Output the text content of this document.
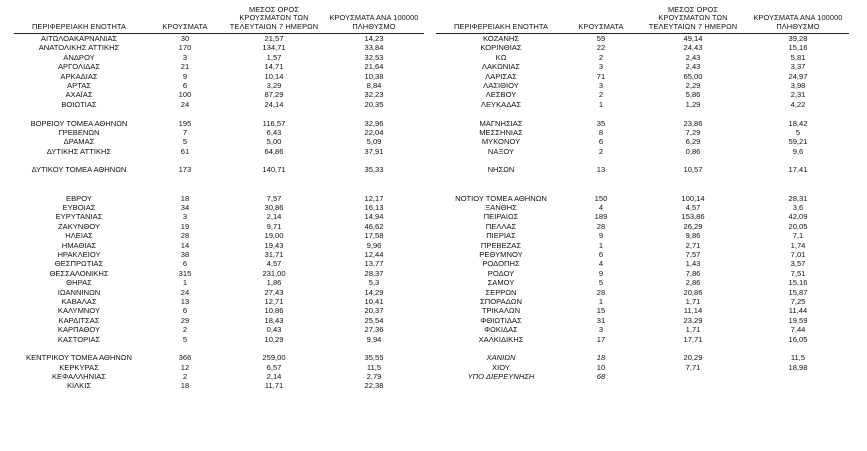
ΠΕΡΙΦΕΡΕΙΑΚΗ ΕΝΟΤΗΤΑ	ΚΡΟΥΣΜΑΤΑ
ΜΕΣΟΣ ΟΡΟΣ
ΚΡΟΥΣΜΑΤΩΝ ΤΩΝ
ΤΕΛΕΥΤΑΙΩΝ 7 ΗΜΕΡΩΝ
ΚΡΟΥΣΜΑΤΑ ΑΝΑ 100000
ΠΛΗΘΥΣΜΟ
ΑΙΤΩΛΟΑΚΑΡΝΑΝΙΑΣ	30	21,57	14,23
ΑΝΑΤΟΛΙΚΗΣ ΑΤΤΙΚΗΣ	170	134,71	33,84
ΑΝΔΡΟΥ	3	1,57	32,53
ΑΡΓΟΛΙΔΑΣ	21	14,71	21,64
ΑΡΚΑΔΙΑΣ	9	10,14	10,38
ΑΡΤΑΣ	6	3,29	8,84
ΑΧΑΪΑΣ	100	87,29	32,23
ΒΟΙΩΤΙΑΣ	24	24,14	20,35
ΒΟΡΕΙΟΥ ΤΟΜΕΑ ΑΘΗΝΩΝ	195	116,57	32,96
ΓΡΕΒΕΝΩΝ	7	6,43	22,04
ΔΡΑΜΑΣ	5	5,00	5,09
ΔΥΤΙΚΗΣ ΑΤΤΙΚΗΣ	61	64,86	37,91
ΔΥΤΙΚΟΥ ΤΟΜΕΑ ΑΘΗΝΩΝ	173	140,71	35,33
ΕΒΡΟΥ	18	7,57	12,17
ΕΥΒΟΙΑΣ	34	30,86	16,13
ΕΥΡΥΤΑΝΙΑΣ	3	2,14	14,94
ΖΑΚΥΝΘΟΥ	19	9,71	46,62
ΗΛΕΙΑΣ	28	19,00	17,58
ΗΜΑΘΙΑΣ	14	19,43	9,96
ΗΡΑΚΛΕΙΟΥ	38	31,71	12,44
ΘΕΣΠΡΩΤΙΑΣ	6	4,57	13,77
ΘΕΣΣΑΛΟΝΙΚΗΣ	315	231,00	28,37
ΘΗΡΑΣ	1	1,86	5,3
ΙΩΑΝΝΙΝΩΝ	24	27,43	14,29
ΚΑΒΑΛΑΣ	13	12,71	10,41
ΚΑΛΥΜΝΟΥ	6	10,86	20,37
ΚΑΡΔΙΤΣΑΣ	29	18,43	25,54
ΚΑΡΠΑΘΟΥ	2	0,43	27,36
ΚΑΣΤΟΡΙΑΣ	5	10,29	9,94
ΚΕΝΤΡΙΚΟΥ ΤΟΜΕΑ ΑΘΗΝΩΝ	366	259,00	35,55
ΚΕΡΚΥΡΑΣ	12	6,57	11,5
ΚΕΦΑΛΛΗΝΙΑΣ	2	2,14	2,79
ΚΙΛΚΙΣ	18	11,71	22,38
ΠΕΡΙΦΕΡΕΙΑΚΗ ΕΝΟΤΗΤΑ	ΚΡΟΥΣΜΑΤΑ
ΜΕΣΟΣ ΟΡΟΣ
ΚΡΟΥΣΜΑΤΩΝ ΤΩΝ
ΤΕΛΕΥΤΑΙΩΝ 7 ΗΜΕΡΩΝ
ΚΡΟΥΣΜΑΤΑ ΑΝΑ 100000
ΠΛΗΘΥΣΜΟ
ΚΟΖΑΝΗΣ	59	49,14	39,28
ΚΟΡΙΝΘΙΑΣ	22	24,43	15,16
ΚΩ	2	2,43	5,81
ΛΑΚΩΝΙΑΣ	3	2,43	3,37
ΛΑΡΙΣΑΣ	71	65,00	24,97
ΛΑΣΙΘΙΟΥ	3	2,29	3,98
ΛΕΣΒΟΥ	2	5,86	2,31
ΛΕΥΚΑΔΑΣ	1	1,29	4,22
ΜΑΓΝΗΣΙΑΣ	35	23,86	18,42
ΜΕΣΣΗΝΙΑΣ	8	7,29	5
ΜΥΚΟΝΟΥ	6	6,29	59,21
ΝΑΞΟΥ	2	0,86	9,6
ΝΗΣΩΝ	13	10,57	17,41
ΝΟΤΙΟΥ ΤΟΜΕΑ ΑΘΗΝΩΝ	150	100,14	28,31
ΞΑΝΘΗΣ	4	4,57	3,6
ΠΕΙΡΑΙΩΣ	189	153,86	42,09
ΠΕΛΛΑΣ	28	26,29	20,05
ΠΙΕΡΙΑΣ	9	9,86	7,1
ΠΡΕΒΕΖΑΣ	1	2,71	1,74
ΡΕΘΥΜΝΟΥ	6	7,57	7,01
ΡΟΔΟΠΗΣ	4	1,43	3,57
ΡΟΔΟΥ	9	7,86	7,51
ΣΑΜΟΥ	5	2,86	15,16
ΣΕΡΡΩΝ	28	20,86	15,87
ΣΠΟΡΑΔΩΝ	1	1,71	7,25
ΤΡΙΚΑΛΩΝ	15	11,14	11,44
ΦΘΙΩΤΙΔΑΣ	31	23,29	19,59
ΦΩΚΙΔΑΣ	3	1,71	7,44
ΧΑΛΚΙΔΙΚΗΣ	17	17,71	16,05
ΧΑΝΙΩΝ	18	20,29	11,5
ΧΙΟΥ	10	7,71	18,98
ΥΠΟ ΔΙΕΡΕΥΝΗΣΗ	68
